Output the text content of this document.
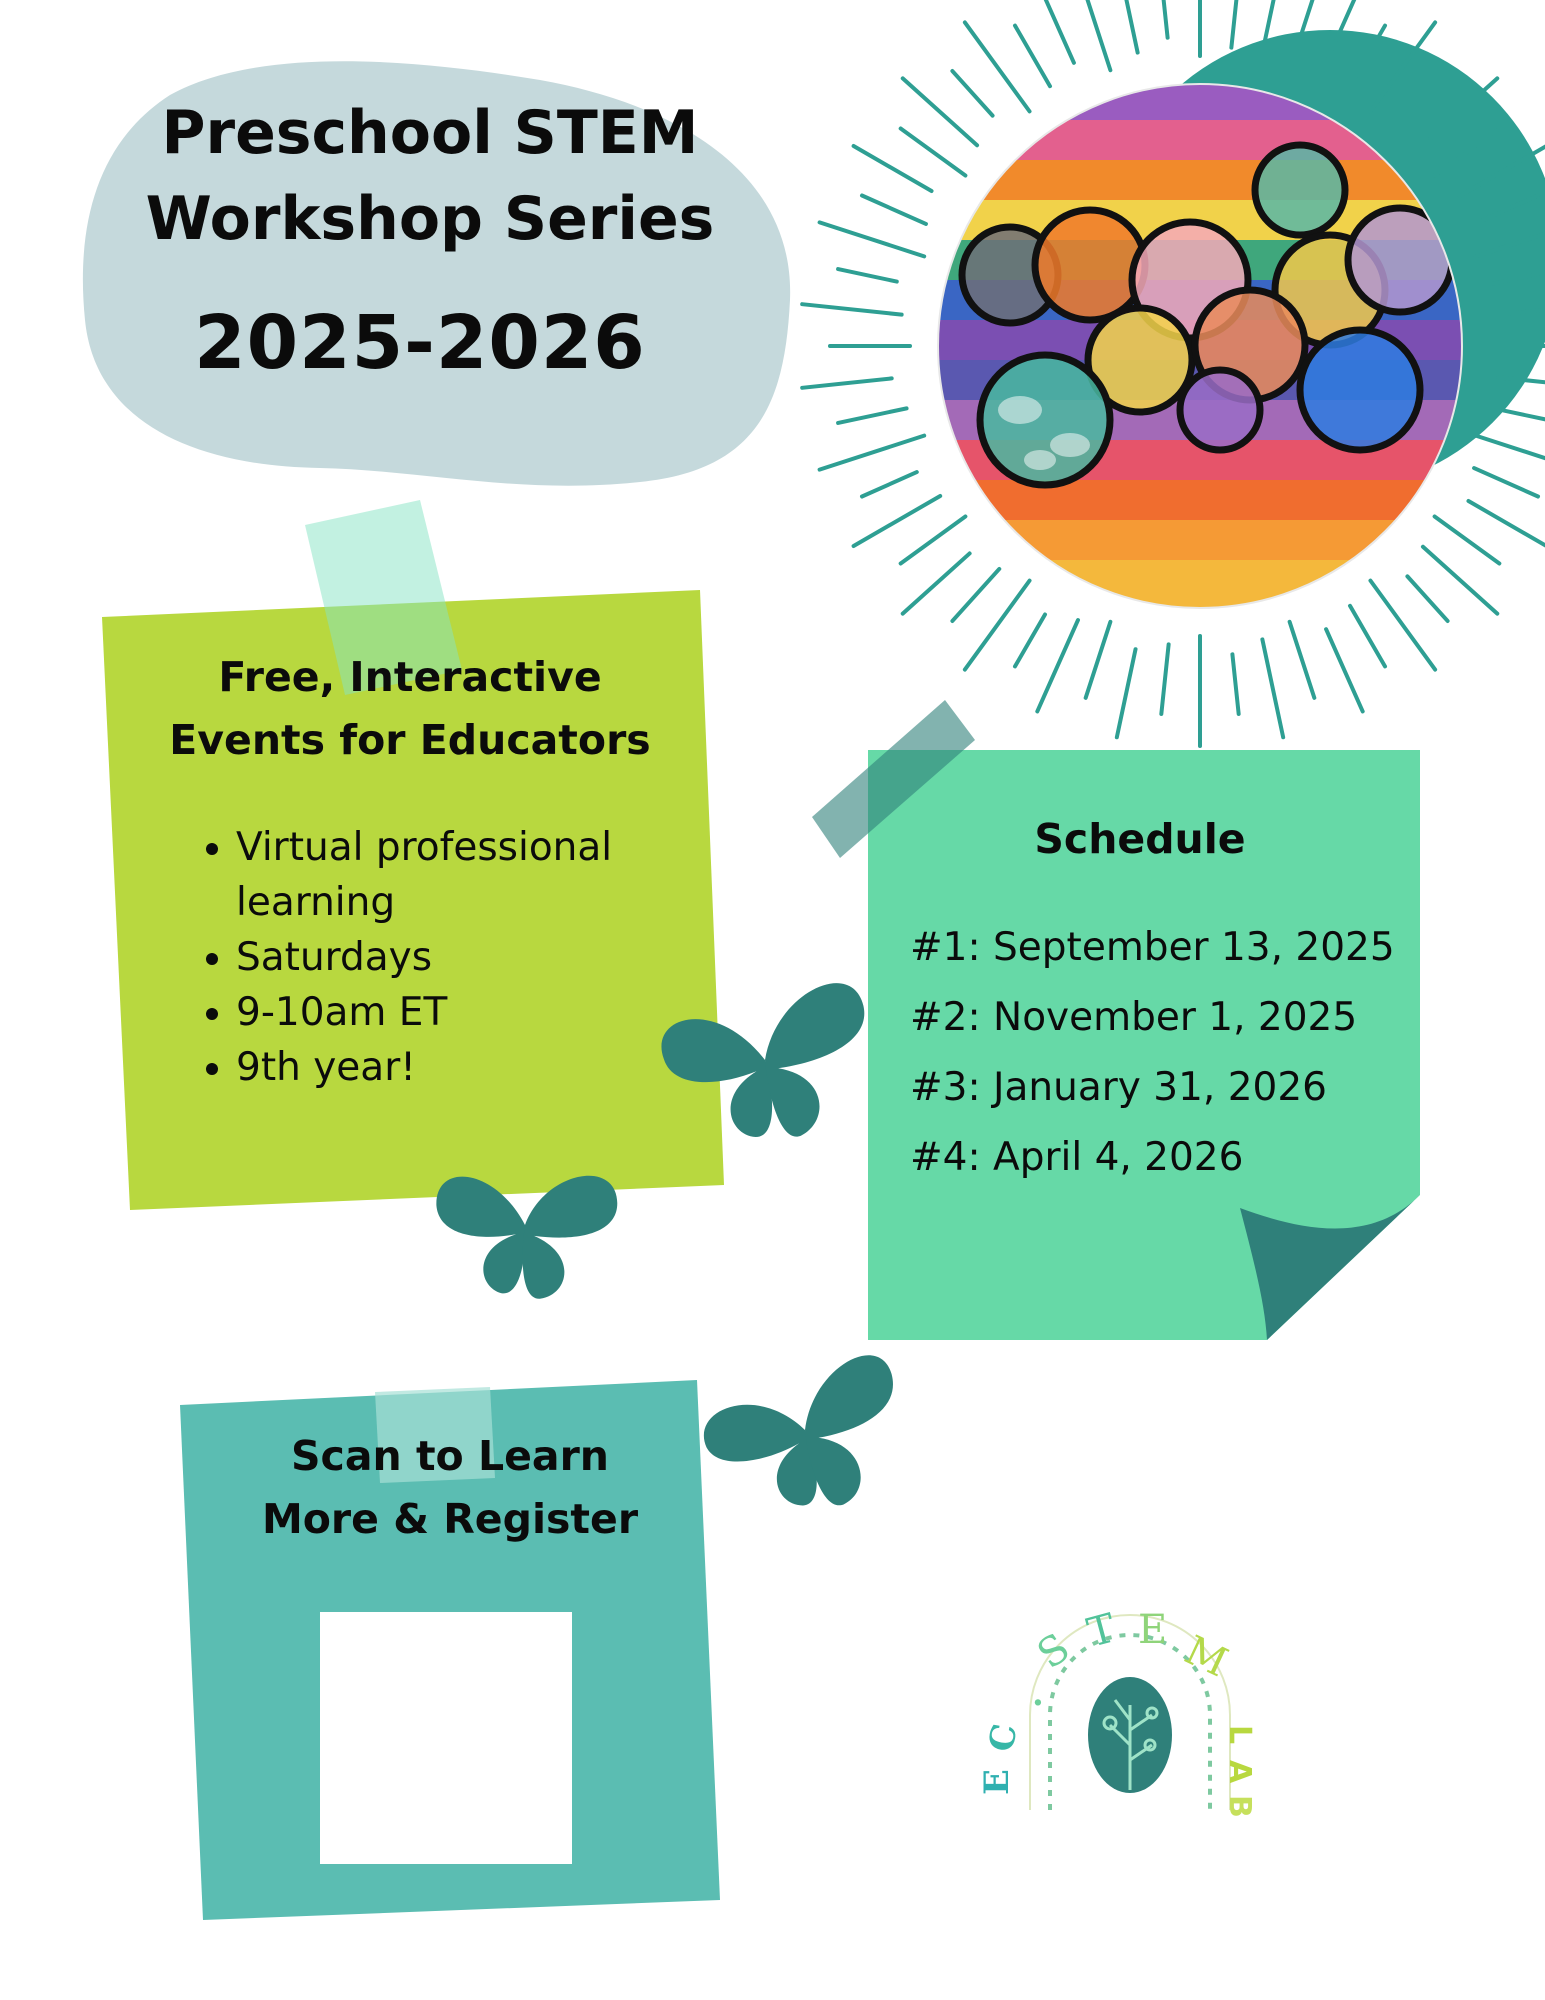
E
C
.
S T E M
L
A
B
Preschool STEM
Workshop Series
2025-2026
Free, Interactive
Events for Educators
• Virtual professional learning
• Saturdays
• 9-10am ET
• 9th year!
Schedule
#1: September 13, 2025
#2: November 1, 2025
#3: January 31, 2026
#4: April 4, 2026
Scan to Learn
More & Register
